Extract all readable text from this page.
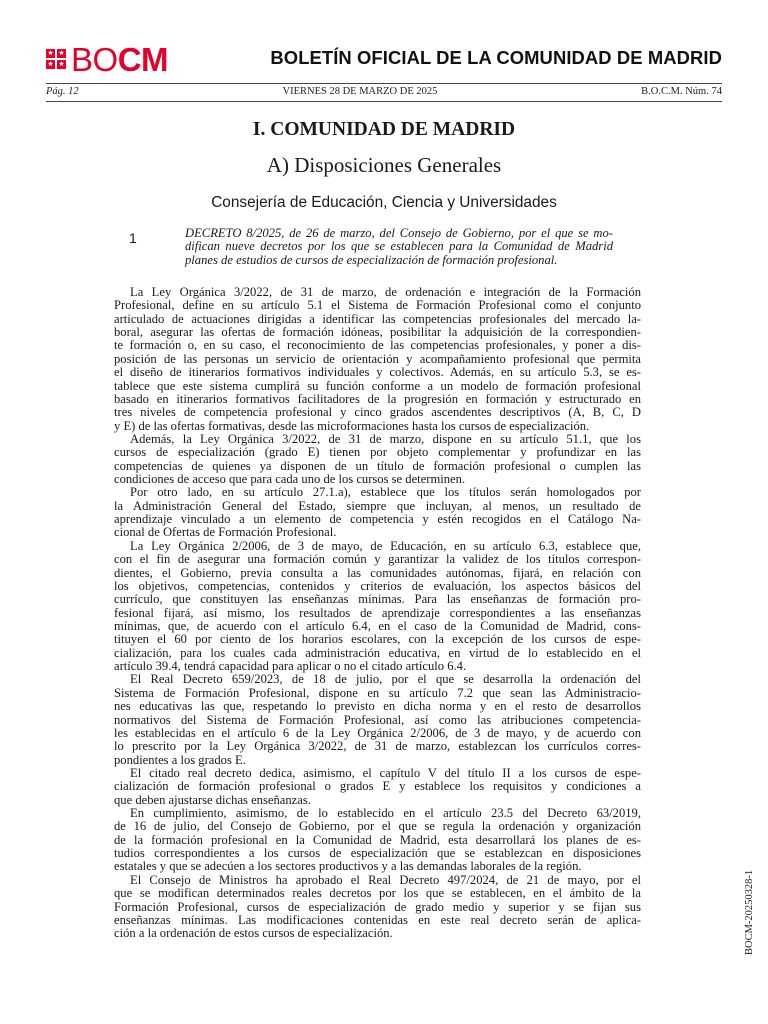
★ ★
★ ★ BOCM	BOLETÍN OFICIAL DE LA COMUNIDAD DE MADRID
Pág. 12	VIERNES 28 DE MARZO DE 2025	B.O.C.M. Núm. 74
I. COMUNIDAD DE MADRID
A) Disposiciones Generales
Consejería de Educación, Ciencia y Universidades
1	DECRETO 8/2025, de 26 de marzo, del Consejo de Gobierno, por el que se mo-
difican nueve decretos por los que se establecen para la Comunidad de Madrid
planes de estudios de cursos de especialización de formación profesional.
La Ley Orgánica 3/2022, de 31 de marzo, de ordenación e integración de la Formación
Profesional, define en su artículo 5.1 el Sistema de Formación Profesional como el conjunto
articulado de actuaciones dirigidas a identificar las competencias profesionales del mercado la-
boral, asegurar las ofertas de formación idóneas, posibilitar la adquisición de la correspondien-
te formación o, en su caso, el reconocimiento de las competencias profesionales, y poner a dis-
posición de las personas un servicio de orientación y acompañamiento profesional que permita
el diseño de itinerarios formativos individuales y colectivos. Además, en su artículo 5.3, se es-
tablece que este sistema cumplirá su función conforme a un modelo de formación profesional
basado en itinerarios formativos facilitadores de la progresión en formación y estructurado en
tres niveles de competencia profesional y cinco grados ascendentes descriptivos (A, B, C, D
y E) de las ofertas formativas, desde las microformaciones hasta los cursos de especialización.
Además, la Ley Orgánica 3/2022, de 31 de marzo, dispone en su artículo 51.1, que los
cursos de especialización (grado E) tienen por objeto complementar y profundizar en las
competencias de quienes ya disponen de un título de formación profesional o cumplen las
condiciones de acceso que para cada uno de los cursos se determinen.
Por otro lado, en su artículo 27.1.a), establece que los títulos serán homologados por
la Administración General del Estado, siempre que incluyan, al menos, un resultado de
aprendizaje vinculado a un elemento de competencia y estén recogidos en el Catálogo Na-
cional de Ofertas de Formación Profesional.
La Ley Orgánica 2/2006, de 3 de mayo, de Educación, en su artículo 6.3, establece que,
con el fin de asegurar una formación común y garantizar la validez de los títulos correspon-
dientes, el Gobierno, previa consulta a las comunidades autónomas, fijará, en relación con
los objetivos, competencias, contenidos y criterios de evaluación, los aspectos básicos del
currículo, que constituyen las enseñanzas mínimas. Para las enseñanzas de formación pro-
fesional fijará, así mismo, los resultados de aprendizaje correspondientes a las enseñanzas
mínimas, que, de acuerdo con el artículo 6.4, en el caso de la Comunidad de Madrid, cons-
tituyen el 60 por ciento de los horarios escolares, con la excepción de los cursos de espe-
cialización, para los cuales cada administración educativa, en virtud de lo establecido en el
artículo 39.4, tendrá capacidad para aplicar o no el citado artículo 6.4.
El Real Decreto 659/2023, de 18 de julio, por el que se desarrolla la ordenación del
Sistema de Formación Profesional, dispone en su artículo 7.2 que sean las Administracio-
nes educativas las que, respetando lo previsto en dicha norma y en el resto de desarrollos
normativos del Sistema de Formación Profesional, así como las atribuciones competencia-
les establecidas en el artículo 6 de la Ley Orgánica 2/2006, de 3 de mayo, y de acuerdo con
lo prescrito por la Ley Orgánica 3/2022, de 31 de marzo, establezcan los currículos corres-
pondientes a los grados E.
El citado real decreto dedica, asimismo, el capítulo V del título II a los cursos de espe-
cialización de formación profesional o grados E y establece los requisitos y condiciones a
que deben ajustarse dichas enseñanzas.
En cumplimiento, asimismo, de lo establecido en el artículo 23.5 del Decreto 63/2019,
de 16 de julio, del Consejo de Gobierno, por el que se regula la ordenación y organización
de la formación profesional en la Comunidad de Madrid, esta desarrollará los planes de es-
tudios correspondientes a los cursos de especialización que se establezcan en disposiciones
estatales y que se adecúen a los sectores productivos y a las demandas laborales de la región.
El Consejo de Ministros ha aprobado el Real Decreto 497/2024, de 21 de mayo, por el
que se modifican determinados reales decretos por los que se establecen, en el ámbito de la
Formación Profesional, cursos de especialización de grado medio y superior y se fijan sus
enseñanzas mínimas. Las modificaciones contenidas en este real decreto serán de aplica-
ción a la ordenación de estos cursos de especialización.	BOCM-20250328-1
